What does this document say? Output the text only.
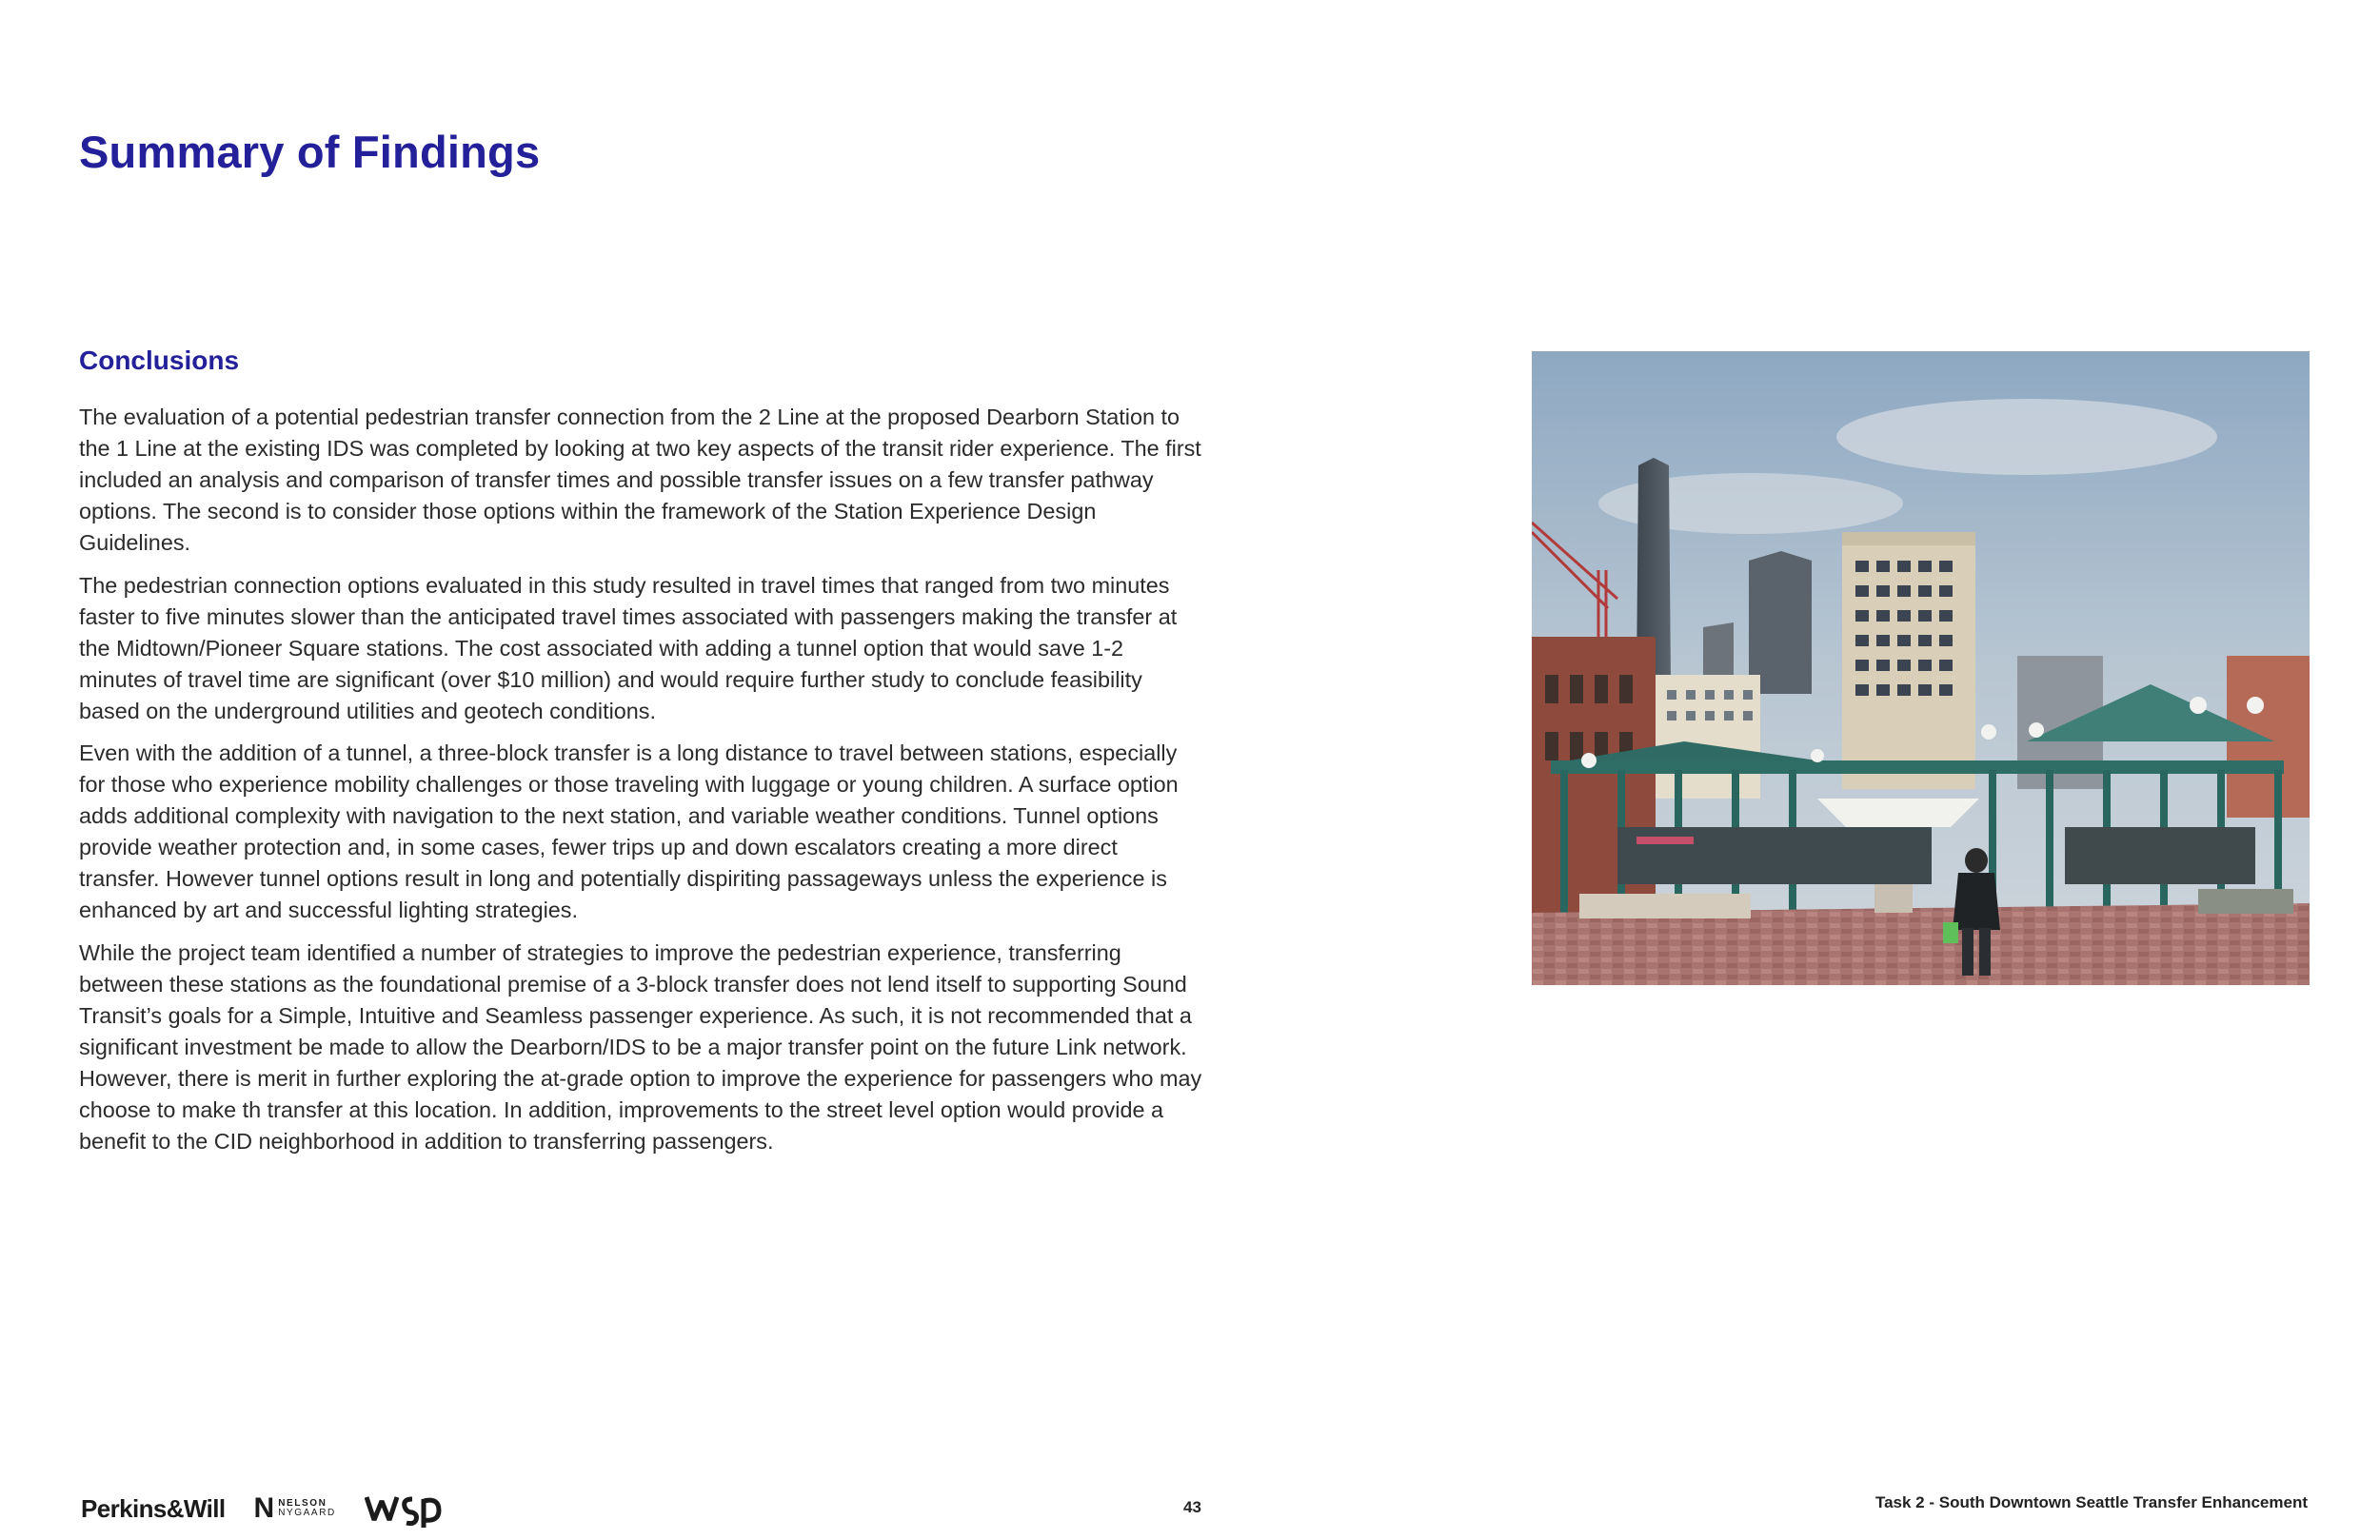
Summary of Findings
Conclusions

The evaluation of a potential pedestrian transfer connection from the 2 Line at the proposed Dearborn Station to the 1 Line at the existing IDS was completed by looking at two key aspects of the transit rider experience. The first included an analysis and comparison of transfer times and possible transfer issues on a few transfer pathway options. The second is to consider those options within the framework of the Station Experience Design Guidelines.

The pedestrian connection options evaluated in this study resulted in travel times that ranged from two minutes faster to five minutes slower than the anticipated travel times associated with passengers making the transfer at the Midtown/Pioneer Square stations. The cost associated with adding a tunnel option that would save 1-2 minutes of travel time are significant (over $10 million) and would require further study to conclude feasibility based on the underground utilities and geotech conditions.

Even with the addition of a tunnel, a three-block transfer is a long distance to travel between stations, especially for those who experience mobility challenges or those traveling with luggage or young children. A surface option adds additional complexity with navigation to the next station, and variable weather conditions. Tunnel options provide weather protection and, in some cases, fewer trips up and down escalators creating a more direct transfer. However tunnel options result in long and potentially dispiriting passageways unless the experience is enhanced by art and successful lighting strategies.

While the project team identified a number of strategies to improve the pedestrian experience, transferring between these stations as the foundational premise of a 3-block transfer does not lend itself to supporting Sound Transit’s goals for a Simple, Intuitive and Seamless passenger experience. As such, it is not recommended that a significant investment be made to allow the Dearborn/IDS to be a major transfer point on the future Link network. However, there is merit in further exploring the at-grade option to improve the experience for passengers who may choose to make th transfer at this location. In addition, improvements to the street level option would provide a benefit to the CID neighborhood in addition to transferring passengers.

Perkins&Will N NELSON
NYGAARD	43	Task 2 - South Downtown Seattle Transfer Enhancement
